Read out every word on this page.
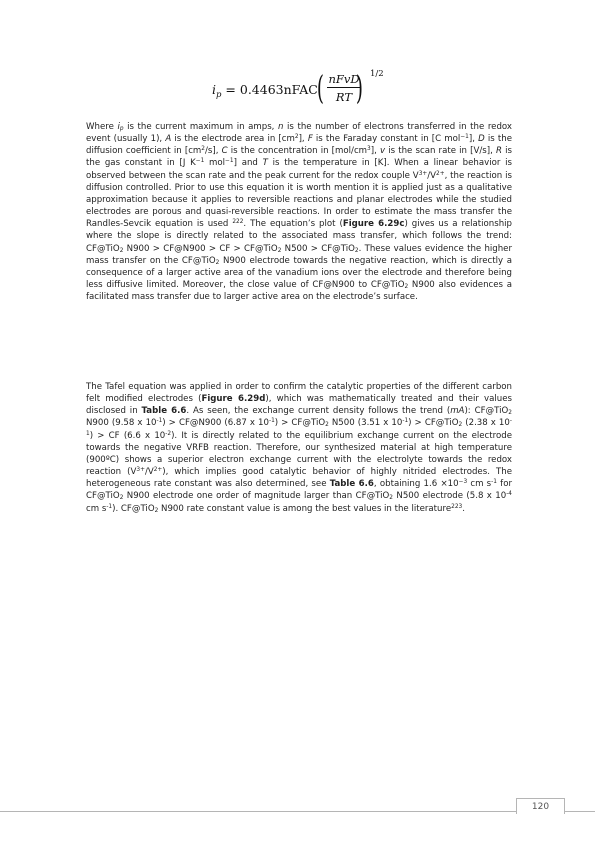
$i_p$ = 0.4463nFAC ( nFvD
RT ) 1/2

Where $i_p$ is the current maximum in amps, n is the number of electrons transferred in the redox event (usually 1), A is the electrode area in $[cm^2]$, F is the Faraday constant in [C mol$^{-1}$], D is the diffusion coefficient in $[cm^2/s]$, C is the concentration in $[mol/cm^3]$, v is the scan rate in [V/s], R is the gas constant in [J $K^{-1}$ mol$^{-1}$] and T is the temperature in [K]. When a linear behavior is observed between the scan rate and the peak current for the redox couple $V^{3+}/V^{2+}$, the reaction is diffusion controlled. Prior to use this equation it is worth mention it is applied just as a qualitative approximation because it applies to reversible reactions and planar electrodes while the studied electrodes are porous and quasi-reversible reactions. In order to estimate the mass transfer the Randles-Sevcik equation is used $^{222}$. The equation’s plot (Figure 6.29c) gives us a relationship where the slope is directly related to the associated mass transfer, which follows the trend: CF@TiO$_2$ N900 > CF@N900 > CF > CF@TiO$_2$ N500 > CF@TiO$_2$. These values evidence the higher mass transfer on the CF@TiO$_2$ N900 electrode towards the negative reaction, which is directly a consequence of a larger active area of the vanadium ions over the electrode and therefore being less diffusive limited. Moreover, the close value of CF@N900 to CF@TiO$_2$ N900 also evidences a facilitated mass transfer due to larger active area on the electrode’s surface.

The Tafel equation was applied in order to confirm the catalytic properties of the different carbon felt modified electrodes (Figure 6.29d), which was mathematically treated and their values disclosed in Table 6.6. As seen, the exchange current density follows the trend (mA): CF@TiO$_2$ N900 (9.58 x $10^{-1}$) > CF@N900 (6.87 x $10^{-1}$) > CF@TiO$_2$ N500 (3.51 x $10^{-1}$) > CF@TiO$_2$ (2.38 x $10^{-1}$) > CF (6.6 x $10^{-2}$). It is directly related to the equilibrium exchange current on the electrode towards the negative VRFB reaction. Therefore, our synthesized material at high temperature (900ºC) shows a superior electron exchange current with the electrolyte towards the redox reaction $(V^{3+}/V^{2+})$, which implies good catalytic behavior of highly nitrided electrodes. The heterogeneous rate constant was also determined, see Table 6.6, obtaining $1.6 \times 10^{-3}$ cm $s^{-1}$ for CF@TiO$_2$ N900 electrode one order of magnitude larger than CF@TiO$_2$ N500 electrode (5.8 x $10^{-4}$ cm $s^{-1}$). CF@TiO$_2$ N900 rate constant value is among the best values in the literature$^{223}$.

120
